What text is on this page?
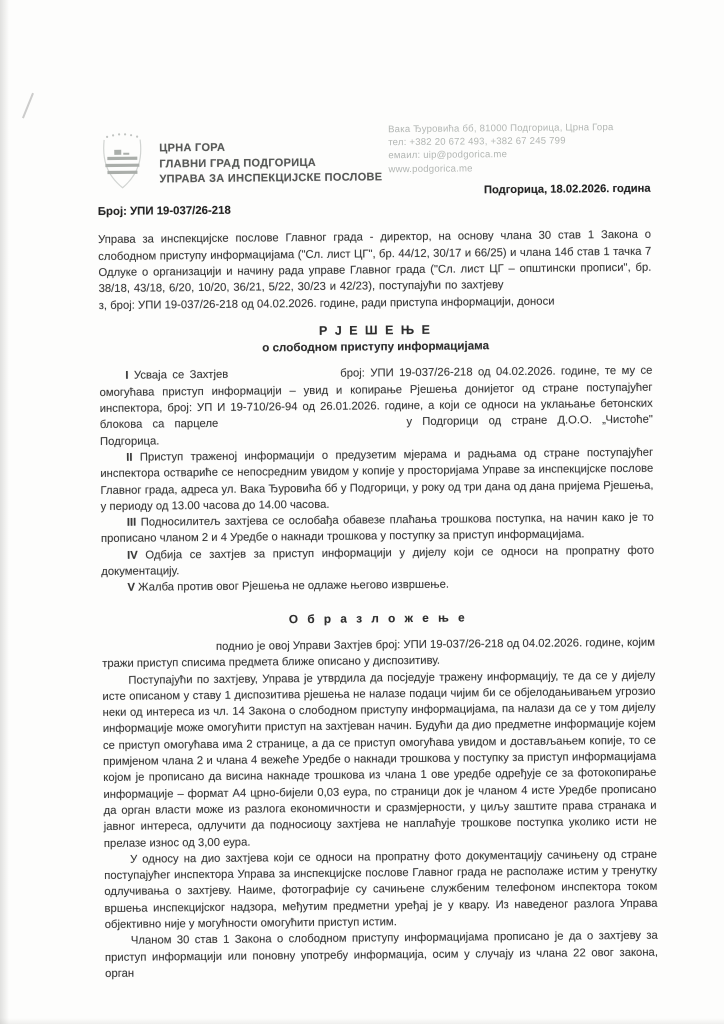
ЦРНА ГОРА
ГЛАВНИ ГРАД ПОДГОРИЦА
УПРАВА ЗА ИНСПЕКЦИЈСКЕ ПОСЛОВЕ
Вака Ђуровића бб, 81000 Подгорица, Црна Гора
тел: +382 20 672 493, +382 67 245 799
емаил: uip@podgorica.me
www.podgorica.me
Подгорица, 18.02.2026. година
Број: УПИ 19-037/26-218

Управа за инспекцијске послове Главног града - директор, на основу члана 30 став 1 Закона о слободном приступу информацијама ("Сл. лист ЦГ", бр. 44/12, 30/17 и 66/25) и члана 14б став 1 тачка 7 Одлуке о организацији и начину рада управе Главног града ("Сл. лист ЦГ – општински прописи", бр. 38/18, 43/18, 6/20, 10/20, 36/21, 5/22, 30/23 и 42/23), поступајући по захтјевуз, број: УПИ 19-037/26-218 од 04.02.2026. године, ради приступа информацији, доноси

Р Ј Е Ш Е Њ Е
о слободном приступу информацијама

I Усваја се Захтјев	број: УПИ 19-037/26-218 од 04.02.2026. године, те му се омогућава приступ информацији – увид и копирање Рјешења донијетог од стране поступајућег инспектора, број: УП И 19-710/26-94 од 26.01.2026. године, а који се односи на уклањање бетонских блокова са парцеле	у Подгорици од стране Д.О.О. „Чистоће" Подгорица.

II Приступ траженој информацији о предузетим мјерама и радњама од стране поступајућег инспектора оствариће се непосредним увидом у копије у просторијама Управе за инспекцијске послове Главног града, адреса ул. Вака Ђуровића бб у Подгорици, у року од три дана од дана пријема Рјешења, у периоду од 13.00 часова до 14.00 часова.

III Подносилитељ захтјева се ослобађа обавезе плаћања трошкова поступка, на начин како је то прописано чланом 2 и 4 Уредбе о накнади трошкова у поступку за приступ информацијама.

IV Одбија се захтјев за приступ информацији у дијелу који се односи на пропратну фото документацију.

V Жалба против овог Рјешења не одлаже његово извршење.

О б р а з л о ж е њ е

поднио је овој Управи Захтјев број: УПИ 19-037/26-218 од 04.02.2026. године, којим тражи приступ списима предмета ближе описано у диспозитиву.

Поступајући по захтјеву, Управа је утврдила да посједује тражену информацију, те да се у дијелу исте описаном у ставу 1 диспозитива рјешења не налазе подаци чијим би се објелодањивањем угрозио неки од интереса из чл. 14 Закона о слободном приступу информацијама, па налази да се у том дијелу информације може омогућити приступ на захтјеван начин. Будући да дио предметне информације којем се приступ омогућава има 2 странице, а да се приступ омогућава увидом и достављањем копије, то се примјеном члана 2 и члана 4 вежеће Уредбе о накнади трошкова у поступку за приступ информацијама којом је прописано да висина накнаде трошкова из члана 1 ове уредбе одређује се за фотокопирање информације – формат А4 црно-бијели 0,03 еура, по страници док је чланом 4 исте Уредбе прописано да орган власти може из разлога економичности и сразмјерности, у циљу заштите права странака и јавног интереса, одлучити да подносиоцу захтјева не наплаћује трошкове поступка уколико исти не прелазе износ од 3,00 еура.

У односу на дио захтјева који се односи на пропратну фото документацију сачињену од стране поступајућег инспектора Управа за инспекцијске послове Главног града не располаже истим у тренутку одлучивања о захтјеву. Наиме, фотографије су сачињене службеним телефоном инспектора током вршења инспекцијског надзора, међутим предметни уређај је у квару. Из наведеног разлога Управа објективно није у могућности омогућити приступ истим.

Чланом 30 став 1 Закона о слободном приступу информацијама прописано је да о захтјеву за приступ информацији или поновну употребу информација, осим у случају из члана 22 овог закона, орган
